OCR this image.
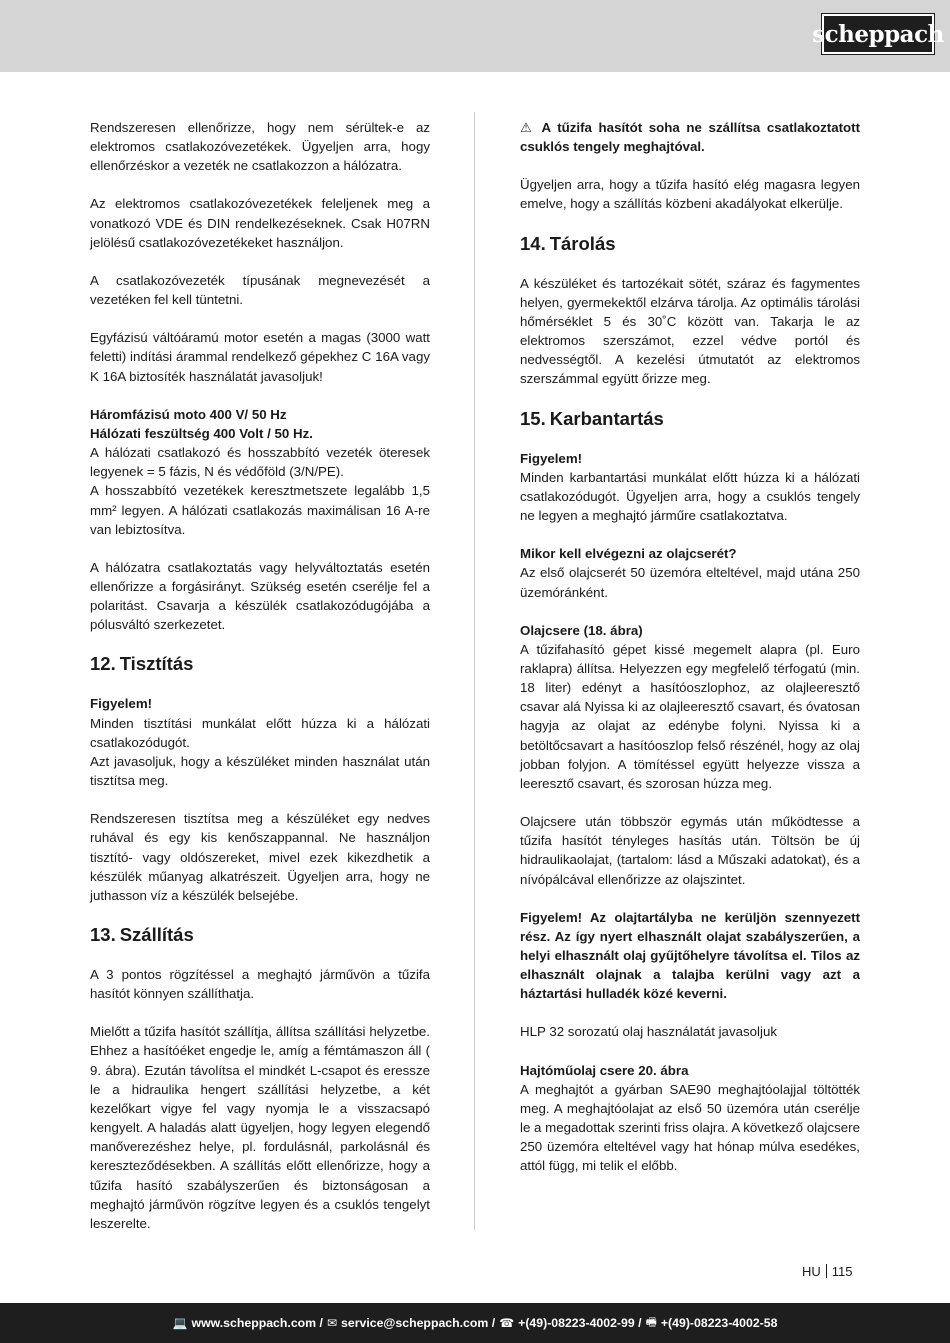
scheppach

Rendszeresen ellenőrizze, hogy nem sérültek-e az elektromos csatlakozóvezetékek. Ügyeljen arra, hogy ellenőrzéskor a vezeték ne csatlakozzon a hálózatra.

Az elektromos csatlakozóvezetékek feleljenek meg a vonatkozó VDE és DIN rendelkezéseknek. Csak H07RN jelölésű csatlakozóvezetékeket használjon.

A csatlakozóvezeték típusának megnevezését a vezetéken fel kell tüntetni.

Egyfázisú váltóáramú motor esetén a magas (3000 watt feletti) indítási árammal rendelkező gépekhez C 16A vagy K 16A biztosíték használatát javasoljuk!

Háromfázisú moto 400 V/ 50 Hz
Hálózati feszültség 400 Volt / 50 Hz.
A hálózati csatlakozó és hosszabbító vezeték öteresek legyenek = 5 fázis, N és védőföld (3/N/PE).
A hosszabbító vezetékek keresztmetszete legalább 1,5 mm² legyen. A hálózati csatlakozás maximálisan 16 A-re van lebiztosítva.

A hálózatra csatlakoztatás vagy helyváltoztatás esetén ellenőrizze a forgásirányt. Szükség esetén cserélje fel a polaritást. Csavarja a készülék csatlakozódugójába a pólusváltó szerkezetet.

12. Tisztítás

Figyelem!
Minden tisztítási munkálat előtt húzza ki a hálózati csatlakozódugót.
Azt javasoljuk, hogy a készüléket minden használat után tisztítsa meg.

Rendszeresen tisztítsa meg a készüléket egy nedves ruhával és egy kis kenőszappannal. Ne használjon tisztító- vagy oldószereket, mivel ezek kikezdhetik a készülék műanyag alkatrészeit. Ügyeljen arra, hogy ne juthasson víz a készülék belsejébe.

13. Szállítás

A 3 pontos rögzítéssel a meghajtó járművön a tűzifa hasítót könnyen szállíthatja.

Mielőtt a tűzifa hasítót szállítja, állítsa szállítási helyzetbe. Ehhez a hasítóéket engedje le, amíg a fémtámaszon áll ( 9. ábra). Ezután távolítsa el mindkét L-csapot és eressze le a hidraulika hengert szállítási helyzetbe, a két kezelőkart vigye fel vagy nyomja le a visszacsapó kengyelt. A haladás alatt ügyeljen, hogy legyen elegendő manőverezéshez helye, pl. fordulásnál, parkolásnál és kereszteződésekben. A szállítás előtt ellenőrizze, hogy a tűzifa hasító szabályszerűen és biztonságosan a meghajtó járművön rögzítve legyen és a csuklós tengelyt leszerelte.

⚠ A tűzifa hasítót soha ne szállítsa csatlakoztatott csuklós tengely meghajtóval.

Ügyeljen arra, hogy a tűzifa hasító elég magasra legyen emelve, hogy a szállítás közbeni akadályokat elkerülje.

14. Tárolás

A készüléket és tartozékait sötét, száraz és fagymentes helyen, gyermekektől elzárva tárolja. Az optimális tárolási hőmérséklet 5 és 30˚C között van. Takarja le az elektromos szerszámot, ezzel védve portól és nedvességtől. A kezelési útmutatót az elektromos szerszámmal együtt őrizze meg.

15. Karbantartás

Figyelem!
Minden karbantartási munkálat előtt húzza ki a hálózati csatlakozódugót. Ügyeljen arra, hogy a csuklós tengely ne legyen a meghajtó járműre csatlakoztatva.

Mikor kell elvégezni az olajcserét?
Az első olajcserét 50 üzemóra elteltével, majd utána 250 üzemóránként.

Olajcsere (18. ábra)
A tűzifahasító gépet kissé megemelt alapra (pl. Euro raklapra) állítsa. Helyezzen egy megfelelő térfogatú (min. 18 liter) edényt a hasítóoszlophoz, az olajleeresztő csavar alá Nyissa ki az olajleeresztő csavart, és óvatosan hagyja az olajat az edénybe folyni. Nyissa ki a betöltőcsavart a hasítóoszlop felső részénél, hogy az olaj jobban folyjon. A tömítéssel együtt helyezze vissza a leeresztő csavart, és szorosan húzza meg.

Olajcsere után többször egymás után működtesse a tűzifa hasítót tényleges hasítás után. Töltsön be új hidraulikaolajat, (tartalom: lásd a Műszaki adatokat), és a nívópálcával ellenőrizze az olajszintet.

Figyelem! Az olajtartályba ne kerüljön szennyezett rész. Az így nyert elhasznált olajat szabályszerűen, a helyi elhasznált olaj gyűjtőhelyre távolítsa el. Tilos az elhasznált olajnak a talajba kerülni vagy azt a háztartási hulladék közé keverni.

HLP 32 sorozatú olaj használatát javasoljuk

Hajtóműolaj csere 20. ábra
A meghajtót a gyárban SAE90 meghajtóolajjal töltötték meg. A meghajtóolajat az első 50 üzemóra után cserélje le a megadottak szerinti friss olajra. A következő olajcsere 250 üzemóra elteltével vagy hat hónap múlva esedékes, attól függ, mi telik el előbb.

HU 115
💻 www.scheppach.com / ✉ service@scheppach.com / ☎ +(49)-08223-4002-99 / 🖷 +(49)-08223-4002-58
